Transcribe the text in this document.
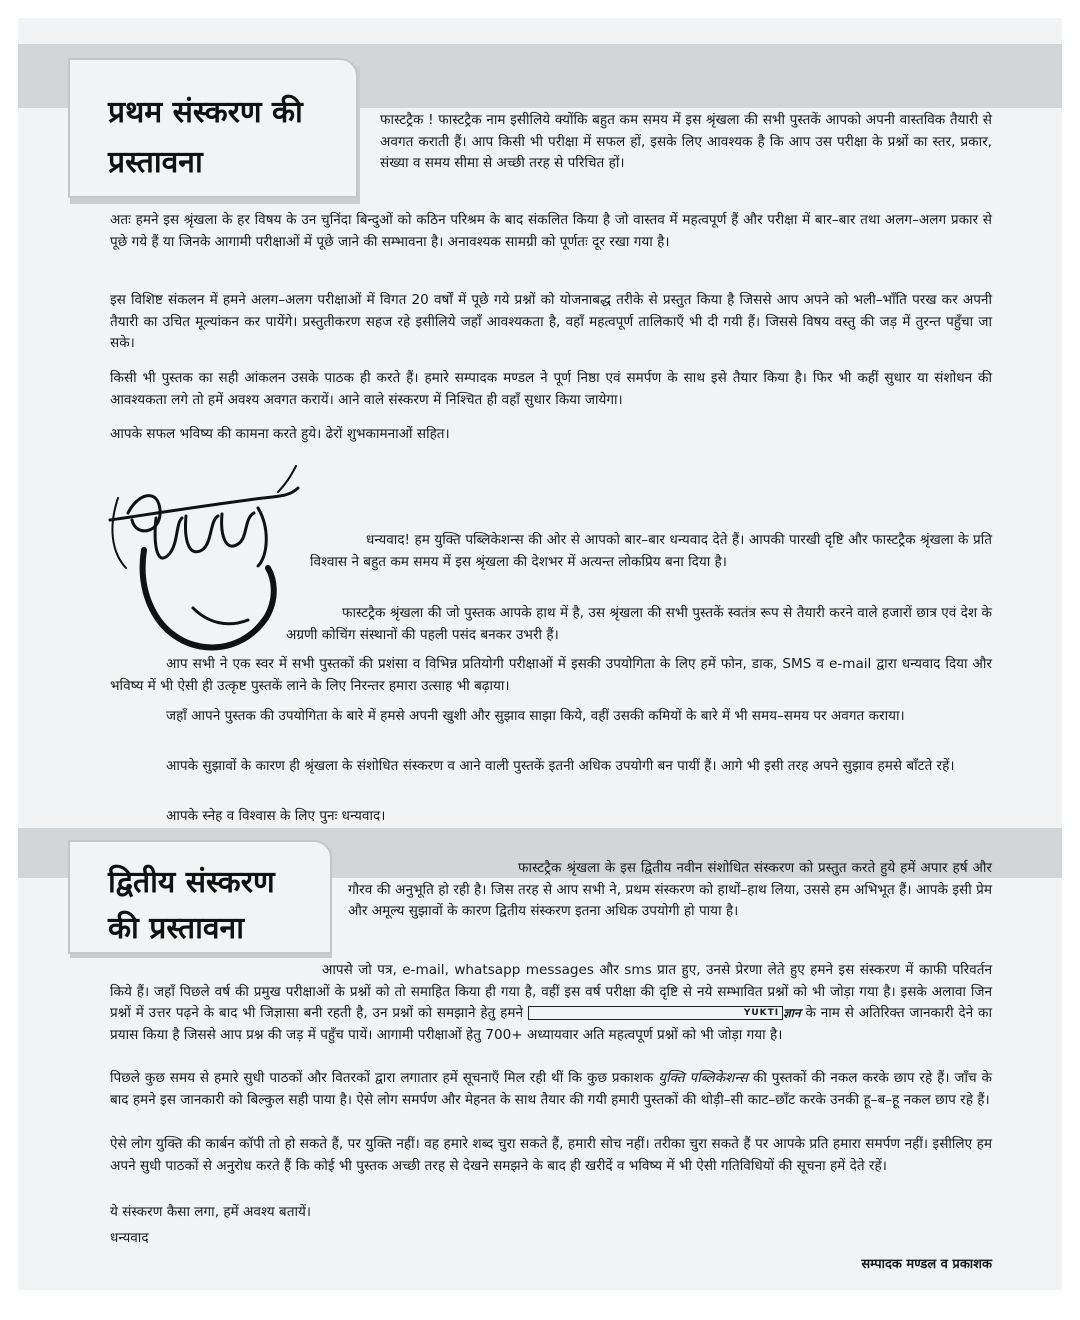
प्रथम संस्करण की
प्रस्तावना

फास्टट्रैक ! फास्टट्रैक नाम इसीलिये क्योंकि बहुत कम समय में इस श्रृंखला की सभी पुस्तकें आपको अपनी वास्तविक तैयारी से अवगत कराती हैं। आप किसी भी परीक्षा में सफल हों, इसके लिए आवश्यक है कि आप उस परीक्षा के प्रश्नों का स्तर, प्रकार, संख्या व समय सीमा से अच्छी तरह से परिचित हों।

अतः हमने इस श्रृंखला के हर विषय के उन चुनिंदा बिन्दुओं को कठिन परिश्रम के बाद संकलित किया है जो वास्तव में महत्वपूर्ण हैं और परीक्षा में बार–बार तथा अलग–अलग प्रकार से पूछे गये हैं या जिनके आगामी परीक्षाओं में पूछे जाने की सम्भावना है। अनावश्यक सामग्री को पूर्णतः दूर रखा गया है।

इस विशिष्ट संकलन में हमने अलग–अलग परीक्षाओं में विगत 20 वर्षों में पूछे गये प्रश्नों को योजनाबद्ध तरीके से प्रस्तुत किया है जिससे आप अपने को भली–भाँति परख कर अपनी तैयारी का उचित मूल्यांकन कर पायेंगे। प्रस्तुतीकरण सहज रहे इसीलिये जहाँ आवश्यकता है, वहाँ महत्वपूर्ण तालिकाएँ भी दी गयी हैं। जिससे विषय वस्तु की जड़ में तुरन्त पहुँचा जा सके।

किसी भी पुस्तक का सही आंकलन उसके पाठक ही करते हैं। हमारे सम्पादक मण्डल ने पूर्ण निष्ठा एवं समर्पण के साथ इसे तैयार किया है। फिर भी कहीं सुधार या संशोधन की आवश्यकता लगे तो हमें अवश्य अवगत करायें। आने वाले संस्करण में निश्चित ही वहाँ सुधार किया जायेगा।

आपके सफल भविष्य की कामना करते हुये। ढेरों शुभकामनाओं सहित।

धन्यवाद! हम युक्ति पब्लिकेशन्स की ओर से आपको बार–बार धन्यवाद देते हैं। आपकी पारखी दृष्टि और फास्टट्रैक श्रृंखला के प्रति विश्वास ने बहुत कम समय में इस श्रृंखला की देशभर में अत्यन्त लोकप्रिय बना दिया है।

फास्टट्रैक श्रृंखला की जो पुस्तक आपके हाथ में है, उस श्रृंखला की सभी पुस्तकें स्वतंत्र रूप से तैयारी करने वाले हजारों छात्र एवं देश के अग्रणी कोचिंग संस्थानों की पहली पसंद बनकर उभरी हैं।

आप सभी ने एक स्वर में सभी पुस्तकों की प्रशंसा व विभिन्न प्रतियोगी परीक्षाओं में इसकी उपयोगिता के लिए हमें फोन, डाक, SMS व e-mail द्वारा धन्यवाद दिया और भविष्य में भी ऐसी ही उत्कृष्ट पुस्तकें लाने के लिए निरन्तर हमारा उत्साह भी बढ़ाया।

जहाँ आपने पुस्तक की उपयोगिता के बारे में हमसे अपनी खुशी और सुझाव साझा किये, वहीं उसकी कमियों के बारे में भी समय–समय पर अवगत कराया।

आपके सुझावों के कारण ही श्रृंखला के संशोधित संस्करण व आने वाली पुस्तकें इतनी अधिक उपयोगी बन पायीं हैं। आगे भी इसी तरह अपने सुझाव हमसे बाँटते रहें।

आपके स्नेह व विश्वास के लिए पुनः धन्यवाद।

द्वितीय संस्करण
की प्रस्तावना

फास्टट्रैक श्रृंखला के इस द्वितीय नवीन संशोधित संस्करण को प्रस्तुत करते हुये हमें अपार हर्ष और गौरव की अनुभूति हो रही है। जिस तरह से आप सभी ने, प्रथम संस्करण को हाथों–हाथ लिया, उससे हम अभिभूत हैं। आपके इसी प्रेम और अमूल्य सुझावों के कारण द्वितीय संस्करण इतना अधिक उपयोगी हो पाया है।

आपसे जो पत्र, e-mail, whatsapp messages और sms प्रात हुए, उनसे प्रेरणा लेते हुए हमने इस संस्करण में काफी परिवर्तन किये हैं। जहाँ पिछले वर्ष की प्रमुख परीक्षाओं के प्रश्नों को तो समाहित किया ही गया है, वहीं इस वर्ष परीक्षा की दृष्टि से नये सम्भावित प्रश्नों को भी जोड़ा गया है। इसके अलावा जिन प्रश्नों में उत्तर पढ़ने के बाद भी जिज्ञासा बनी रहती है, उन प्रश्नों को समझाने हेतु हमने	YUKTI ज्ञान के नाम से अतिरिक्त जानकारी देने का प्रयास किया है जिससे आप प्रश्न की जड़ में पहुँच पायें। आगामी परीक्षाओं हेतु 700+ अध्यायवार अति महत्वपूर्ण प्रश्नों को भी जोड़ा गया है।

पिछले कुछ समय से हमारे सुधी पाठकों और वितरकों द्वारा लगातार हमें सूचनाएँ मिल रही थीं कि कुछ प्रकाशक युक्ति पब्लिकेशन्स की पुस्तकों की नकल करके छाप रहे हैं। जाँच के बाद हमने इस जानकारी को बिल्कुल सही पाया है। ऐसे लोग समर्पण और मेहनत के साथ तैयार की गयी हमारी पुस्तकों की थोड़ी–सी काट–छाँट करके उनकी हू–ब–हू नकल छाप रहे हैं।

ऐसे लोग युक्ति की कार्बन कॉपी तो हो सकते हैं, पर युक्ति नहीं। वह हमारे शब्द चुरा सकते हैं, हमारी सोच नहीं। तरीका चुरा सकते हैं पर आपके प्रति हमारा समर्पण नहीं। इसीलिए हम अपने सुधी पाठकों से अनुरोध करते हैं कि कोई भी पुस्तक अच्छी तरह से देखने समझने के बाद ही खरीदें व भविष्य में भी ऐसी गतिविधियों की सूचना हमें देते रहें।

ये संस्करण कैसा लगा, हमें अवश्य बतायें।

धन्यवाद

सम्पादक मण्डल व प्रकाशक
